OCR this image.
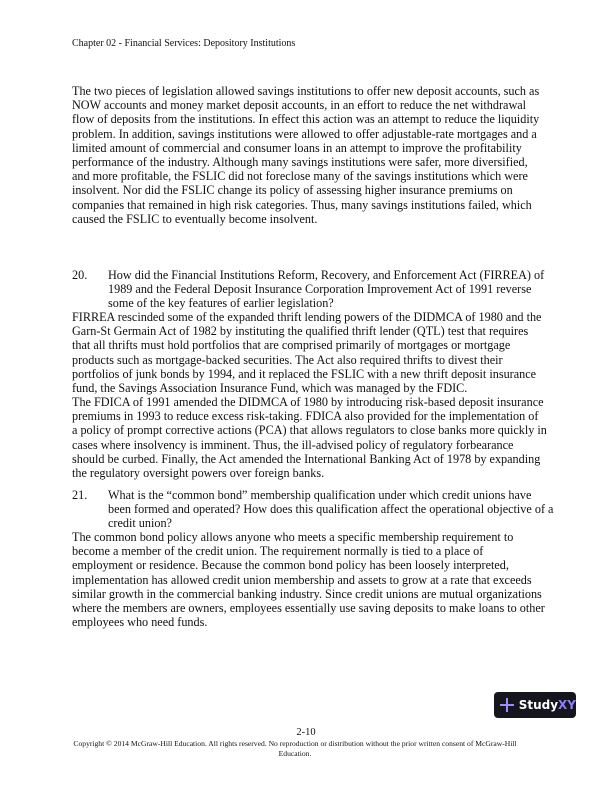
Chapter 02 - Financial Services: Depository Institutions
The two pieces of legislation allowed savings institutions to offer new deposit accounts, such as
NOW accounts and money market deposit accounts, in an effort to reduce the net withdrawal
flow of deposits from the institutions. In effect this action was an attempt to reduce the liquidity
problem. In addition, savings institutions were allowed to offer adjustable-rate mortgages and a
limited amount of commercial and consumer loans in an attempt to improve the profitability
performance of the industry. Although many savings institutions were safer, more diversified,
and more profitable, the FSLIC did not foreclose many of the savings institutions which were
insolvent. Nor did the FSLIC change its policy of assessing higher insurance premiums on
companies that remained in high risk categories. Thus, many savings institutions failed, which
caused the FSLIC to eventually become insolvent.
20. How did the Financial Institutions Reform, Recovery, and Enforcement Act (FIRREA) of
1989 and the Federal Deposit Insurance Corporation Improvement Act of 1991 reverse
some of the key features of earlier legislation?
FIRREA rescinded some of the expanded thrift lending powers of the DIDMCA of 1980 and the
Garn-St Germain Act of 1982 by instituting the qualified thrift lender (QTL) test that requires
that all thrifts must hold portfolios that are comprised primarily of mortgages or mortgage
products such as mortgage-backed securities. The Act also required thrifts to divest their
portfolios of junk bonds by 1994, and it replaced the FSLIC with a new thrift deposit insurance
fund, the Savings Association Insurance Fund, which was managed by the FDIC.
The FDICA of 1991 amended the DIDMCA of 1980 by introducing risk-based deposit insurance
premiums in 1993 to reduce excess risk-taking. FDICA also provided for the implementation of
a policy of prompt corrective actions (PCA) that allows regulators to close banks more quickly in
cases where insolvency is imminent. Thus, the ill-advised policy of regulatory forbearance
should be curbed. Finally, the Act amended the International Banking Act of 1978 by expanding
the regulatory oversight powers over foreign banks.
21. What is the “common bond” membership qualification under which credit unions have
been formed and operated? How does this qualification affect the operational objective of a
credit union?
The common bond policy allows anyone who meets a specific membership requirement to
become a member of the credit union. The requirement normally is tied to a place of
employment or residence. Because the common bond policy has been loosely interpreted,
implementation has allowed credit union membership and assets to grow at a rate that exceeds
similar growth in the commercial banking industry. Since credit unions are mutual organizations
where the members are owners, employees essentially use saving deposits to make loans to other
employees who need funds.
Study XY
2-10
Copyright © 2014 McGraw-Hill Education. All rights reserved. No reproduction or distribution without the prior written consent of McGraw-Hill Education.
